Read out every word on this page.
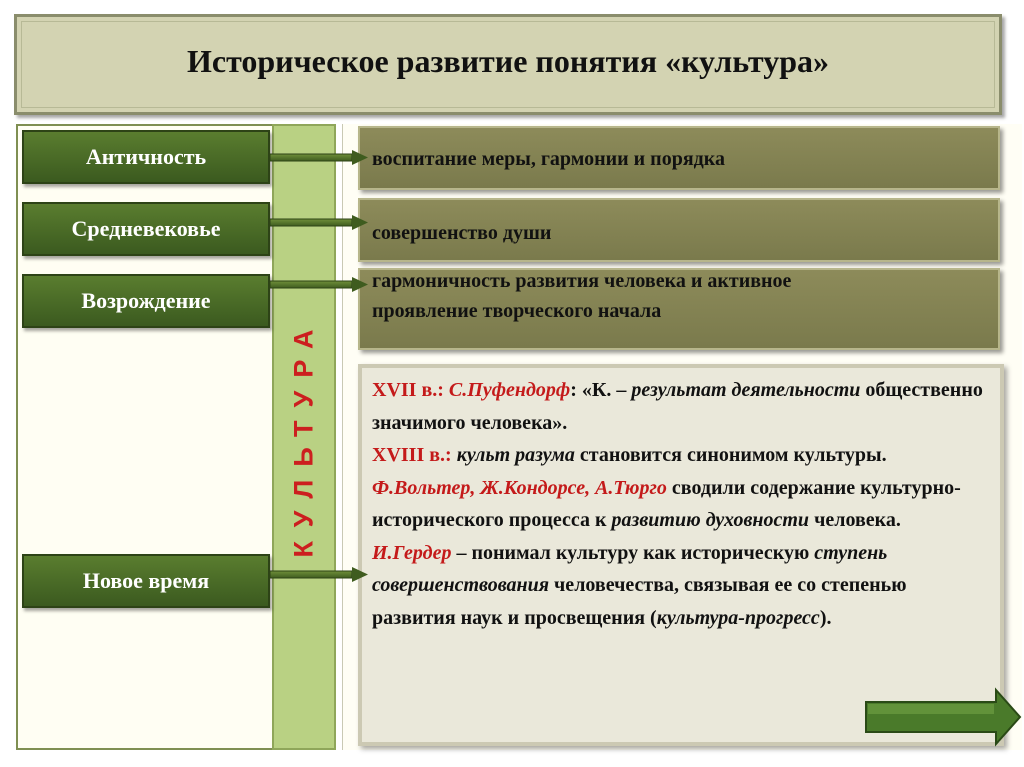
Историческое развитие понятия «культура»
КУЛЬТУРА
Античность
Средневековье
Возрождение
Новое время
воспитание меры, гармонии и порядка
совершенство души
гармоничность развития человека и активное
проявление творческого начала
XVII в.: С.Пуфендорф: «К. – результат деятельности общественно значимого человека».
XVIII в.: культ разума становится синонимом культуры.
Ф.Вольтер, Ж.Кондорсе, А.Тюрго сводили содержание культурно-исторического процесса к развитию духовности человека.
И.Гердер – понимал культуру как историческую ступень совершенствования человечества, связывая ее со степенью развития наук и просвещения (культура-прогресс).
